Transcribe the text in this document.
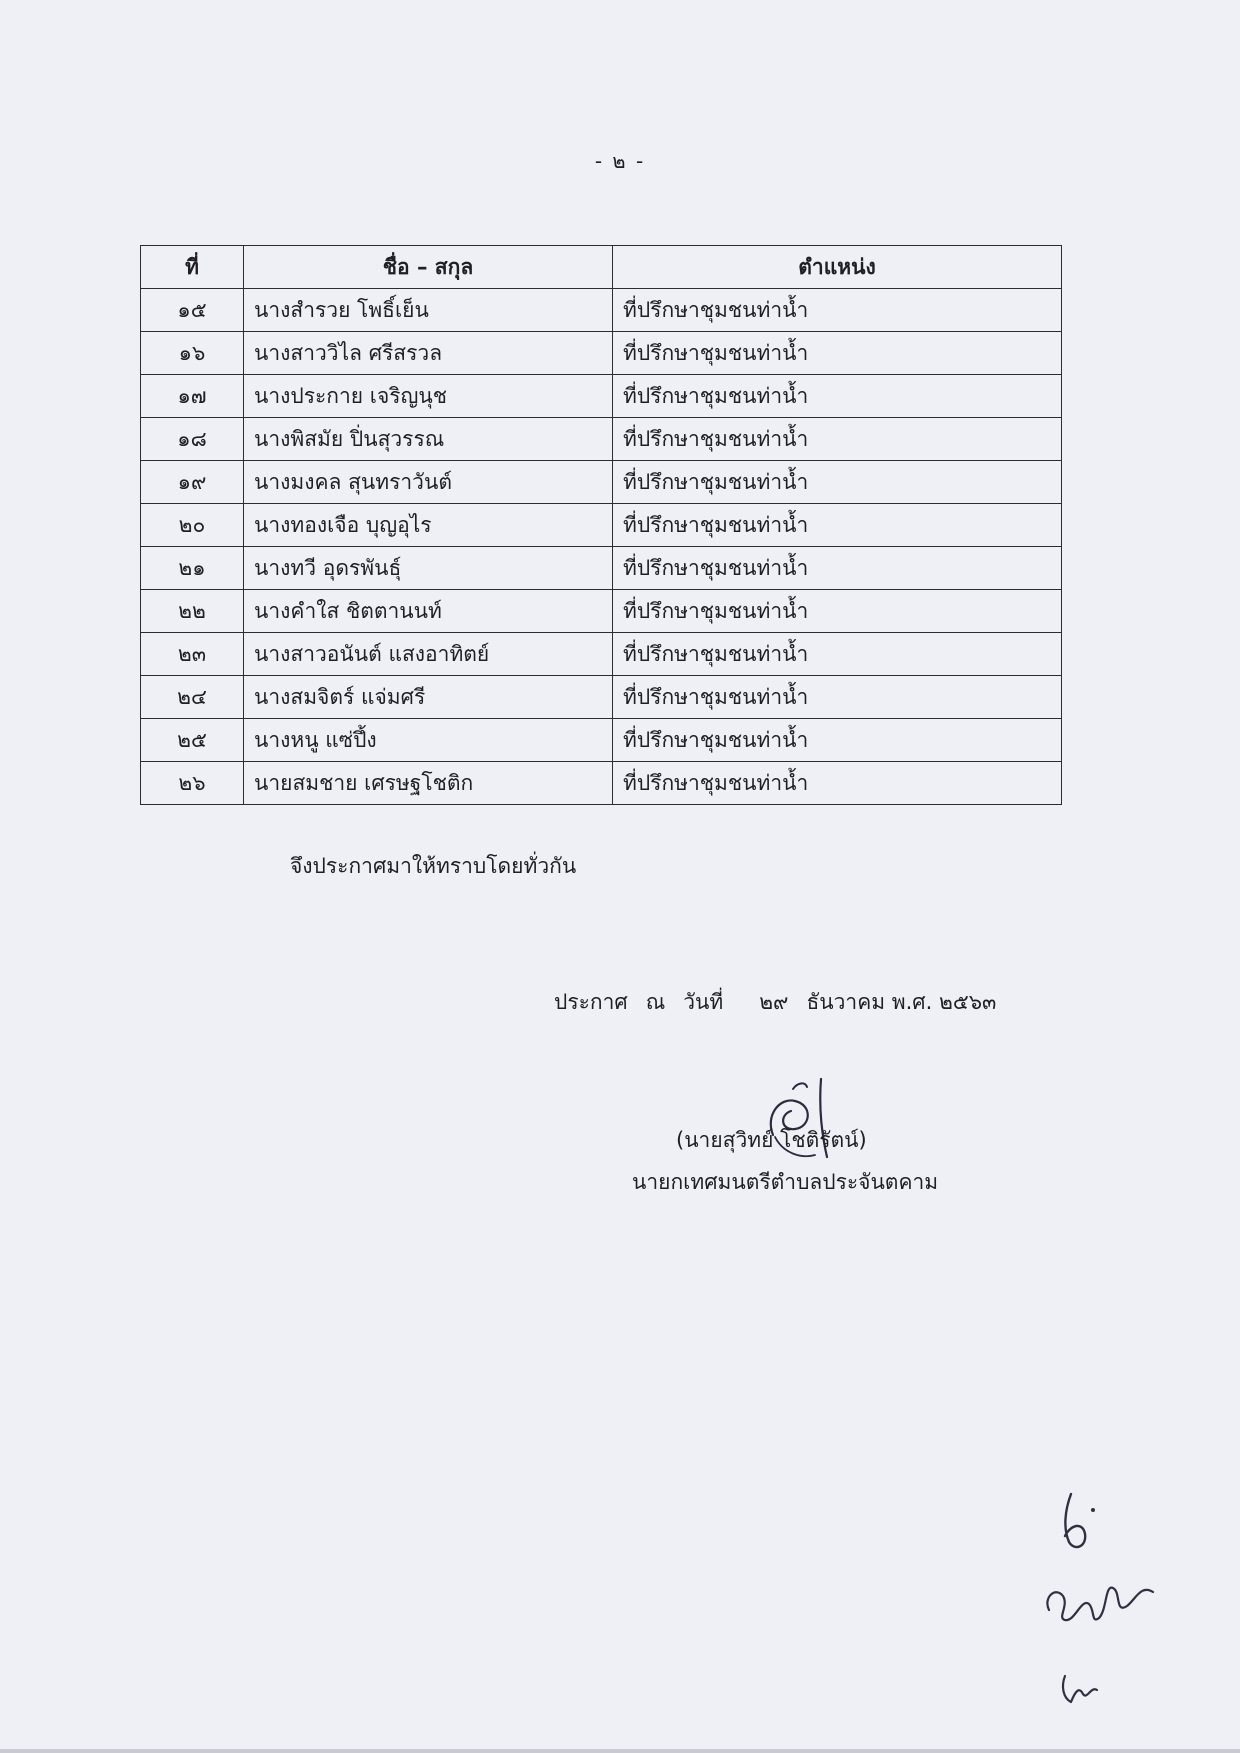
- ๒ -
ที่	ชื่อ – สกุล	ตำแหน่ง
๑๕	นางสำรวย โพธิ์เย็น	ที่ปรึกษาชุมชนท่าน้ำ
๑๖	นางสาววิไล ศรีสรวล	ที่ปรึกษาชุมชนท่าน้ำ
๑๗	นางประกาย เจริญนุช	ที่ปรึกษาชุมชนท่าน้ำ
๑๘	นางพิสมัย ปิ่นสุวรรณ	ที่ปรึกษาชุมชนท่าน้ำ
๑๙	นางมงคล สุนทราวันต์	ที่ปรึกษาชุมชนท่าน้ำ
๒๐	นางทองเจือ บุญอุไร	ที่ปรึกษาชุมชนท่าน้ำ
๒๑	นางทวี อุดรพันธุ์	ที่ปรึกษาชุมชนท่าน้ำ
๒๒	นางคำใส ชิตตานนท์	ที่ปรึกษาชุมชนท่าน้ำ
๒๓	นางสาวอนันต์ แสงอาทิตย์	ที่ปรึกษาชุมชนท่าน้ำ
๒๔	นางสมจิตร์ แจ่มศรี	ที่ปรึกษาชุมชนท่าน้ำ
๒๕	นางหนู แซ่ปึ้ง	ที่ปรึกษาชุมชนท่าน้ำ
๒๖	นายสมชาย เศรษฐโชติก	ที่ปรึกษาชุมชนท่าน้ำ
จึงประกาศมาให้ทราบโดยทั่วกัน
ประกาศ ณ วันที่ ๒๙ ธันวาคม พ.ศ. ๒๕๖๓
(นายสุวิทย์ โชติรัตน์)
นายกเทศมนตรีตำบลประจันตคาม
